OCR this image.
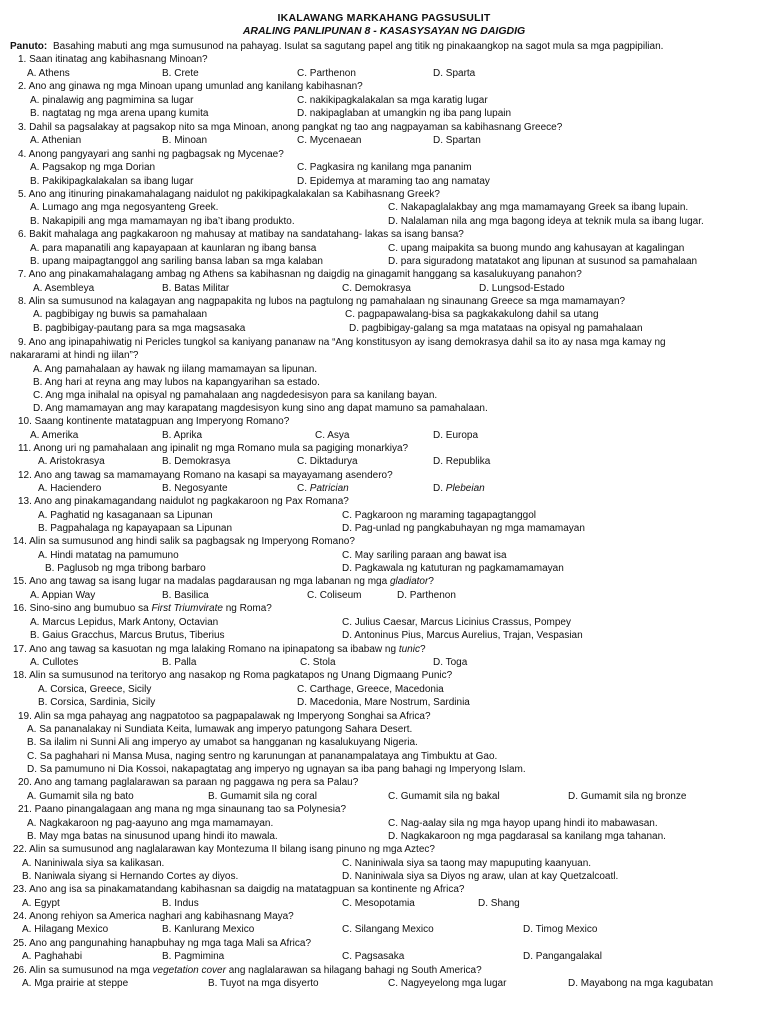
IKALAWANG MARKAHANG PAGSUSULIT
ARALING PANLIPUNAN 8 - KASASYSAYAN NG DAIGDIG
Panuto: Basahing mabuti ang mga sumusunod na pahayag. Isulat sa sagutang papel ang titik ng pinakaangkop na sagot mula sa mga pagpipilian.
1. Saan itinatag ang kabihasnang Minoan?
A. Athens	B. Crete	C. Parthenon	D. Sparta
2. Ano ang ginawa ng mga Minoan upang umunlad ang kanilang kabihasnan?
A. pinalawig ang pagmimina sa lugar	C. nakikipagkalakalan sa mga karatig lugar
B. nagtatag ng mga arena upang kumita	D. nakipaglaban at umangkin ng iba pang lupain
3. Dahil sa pagsalakay at pagsakop nito sa mga Minoan, anong pangkat ng tao ang nagpayaman sa kabihasnang Greece?
A. Athenian	B. Minoan	C. Mycenaean	D. Spartan
4. Anong pangyayari ang sanhi ng pagbagsak ng Mycenae?
A. Pagsakop ng mga Dorian	C. Pagkasira ng kanilang mga pananim
B. Pakikipagkalakalan sa ibang lugar	D. Epidemya at maraming tao ang namatay
5. Ano ang itinuring pinakamahalagang naidulot ng pakikipagkalakalan sa Kabihasnang Greek?
A. Lumago ang mga negosyanteng Greek.	C. Nakapaglalakbay ang mga mamamayang Greek sa ibang lupain.
B. Nakapipili ang mga mamamayan ng iba’t ibang produkto.	D. Nalalaman nila ang mga bagong ideya at teknik mula sa ibang lugar.
6. Bakit mahalaga ang pagkakaroon ng mahusay at matibay na sandatahang- lakas sa isang bansa?
A. para mapanatili ang kapayapaan at kaunlaran ng ibang bansa	C. upang maipakita sa buong mundo ang kahusayan at kagalingan
B. upang maipagtanggol ang sariling bansa laban sa mga kalaban	D. para siguradong matatakot ang lipunan at susunod sa pamahalaan
7. Ano ang pinakamahalagang ambag ng Athens sa kabihasnan ng daigdig na ginagamit hanggang sa kasalukuyang panahon?
A. Asembleya	B. Batas Militar	C. Demokrasya	D. Lungsod-Estado
8. Alin sa sumusunod na kalagayan ang nagpapakita ng lubos na pagtulong ng pamahalaan ng sinaunang Greece sa mga mamamayan?
A. pagbibigay ng buwis sa pamahalaan	C. pagpapawalang-bisa sa pagkakakulong dahil sa utang
B. pagbibigay-pautang para sa mga magsasaka	D. pagbibigay-galang sa mga matataas na opisyal ng pamahalaan
9. Ano ang ipinapahiwatig ni Pericles tungkol sa kaniyang pananaw na “Ang konstitusyon ay isang demokrasya dahil sa ito ay nasa mga kamay ng
nakararami at hindi ng iilan”?
A. Ang pamahalaan ay hawak ng iilang mamamayan sa lipunan.
B. Ang hari at reyna ang may lubos na kapangyarihan sa estado.
C. Ang mga inihalal na opisyal ng pamahalaan ang nagdedesisyon para sa kanilang bayan.
D. Ang mamamayan ang may karapatang magdesisyon kung sino ang dapat mamuno sa pamahalaan.
10. Saang kontinente matatagpuan ang Imperyong Romano?
A. Amerika	B. Aprika	C. Asya	D. Europa
11. Anong uri ng pamahalaan ang ipinalit ng mga Romano mula sa pagiging monarkiya?
A. Aristokrasya	B. Demokrasya	C. Diktadurya	D. Republika
12. Ano ang tawag sa mamamayang Romano na kasapi sa mayayamang asendero?
A. Haciendero	B. Negosyante	C. Patrician	D. Plebeian
13. Ano ang pinakamagandang naidulot ng pagkakaroon ng Pax Romana?
A. Paghatid ng kasaganaan sa Lipunan	C. Pagkaroon ng maraming tagapagtanggol
B. Pagpahalaga ng kapayapaan sa Lipunan	D. Pag-unlad ng pangkabuhayan ng mga mamamayan
14. Alin sa sumusunod ang hindi salik sa pagbagsak ng Imperyong Romano?
A. Hindi matatag na pamumuno	C. May sariling paraan ang bawat isa
B. Paglusob ng mga tribong barbaro	D. Pagkawala ng katuturan ng pagkamamamayan
15. Ano ang tawag sa isang lugar na madalas pagdarausan ng mga labanan ng mga gladiator?
A. Appian Way	B. Basilica	C. Coliseum	D. Parthenon
16. Sino-sino ang bumubuo sa First Triumvirate ng Roma?
A. Marcus Lepidus, Mark Antony, Octavian	C. Julius Caesar, Marcus Licinius Crassus, Pompey
B. Gaius Gracchus, Marcus Brutus, Tiberius	D. Antoninus Pius, Marcus Aurelius, Trajan, Vespasian
17. Ano ang tawag sa kasuotan ng mga lalaking Romano na ipinapatong sa ibabaw ng tunic?
A. Cullotes	B. Palla	C. Stola	D. Toga
18. Alin sa sumusunod na teritoryo ang nasakop ng Roma pagkatapos ng Unang Digmaang Punic?
A. Corsica, Greece, Sicily	C. Carthage, Greece, Macedonia
B. Corsica, Sardinia, Sicily	D. Macedonia, Mare Nostrum, Sardinia
19. Alin sa mga pahayag ang nagpatotoo sa pagpapalawak ng Imperyong Songhai sa Africa?
A. Sa pananalakay ni Sundiata Keita, lumawak ang imperyo patungong Sahara Desert.
B. Sa ilalim ni Sunni Ali ang imperyo ay umabot sa hangganan ng kasalukuyang Nigeria.
C. Sa paghahari ni Mansa Musa, naging sentro ng karunungan at pananampalataya ang Timbuktu at Gao.
D. Sa pamumuno ni Dia Kossoi, nakapagtatag ang imperyo ng ugnayan sa iba pang bahagi ng Imperyong Islam.
20. Ano ang tamang paglalarawan sa paraan ng paggawa ng pera sa Palau?
A. Gumamit sila ng bato	B. Gumamit sila ng coral	C. Gumamit sila ng bakal	D. Gumamit sila ng bronze
21. Paano pinangalagaan ang mana ng mga sinaunang tao sa Polynesia?
A. Nagkakaroon ng pag-aayuno ang mga mamamayan.	C. Nag-aalay sila ng mga hayop upang hindi ito mabawasan.
B. May mga batas na sinusunod upang hindi ito mawala.	D. Nagkakaroon ng mga pagdarasal sa kanilang mga tahanan.
22. Alin sa sumusunod ang naglalarawan kay Montezuma II bilang isang pinuno ng mga Aztec?
A. Naniniwala siya sa kalikasan.	C. Naniniwala siya sa taong may mapuputing kaanyuan.
B. Naniwala siyang si Hernando Cortes ay diyos.	D. Naniniwala siya sa Diyos ng araw, ulan at kay Quetzalcoatl.
23. Ano ang isa sa pinakamatandang kabihasnan sa daigdig na matatagpuan sa kontinente ng Africa?
A. Egypt	B. Indus	C. Mesopotamia	D. Shang
24. Anong rehiyon sa America naghari ang kabihasnang Maya?
A. Hilagang Mexico	B. Kanlurang Mexico	C. Silangang Mexico	D. Timog Mexico
25. Ano ang pangunahing hanapbuhay ng mga taga Mali sa Africa?
A. Paghahabi	B. Pagmimina	C. Pagsasaka	D. Pangangalakal
26. Alin sa sumusunod na mga vegetation cover ang naglalarawan sa hilagang bahagi ng South America?
A. Mga prairie at steppe	B. Tuyot na mga disyerto	C. Nagyeyelong mga lugar	D. Mayabong na mga kagubatan
